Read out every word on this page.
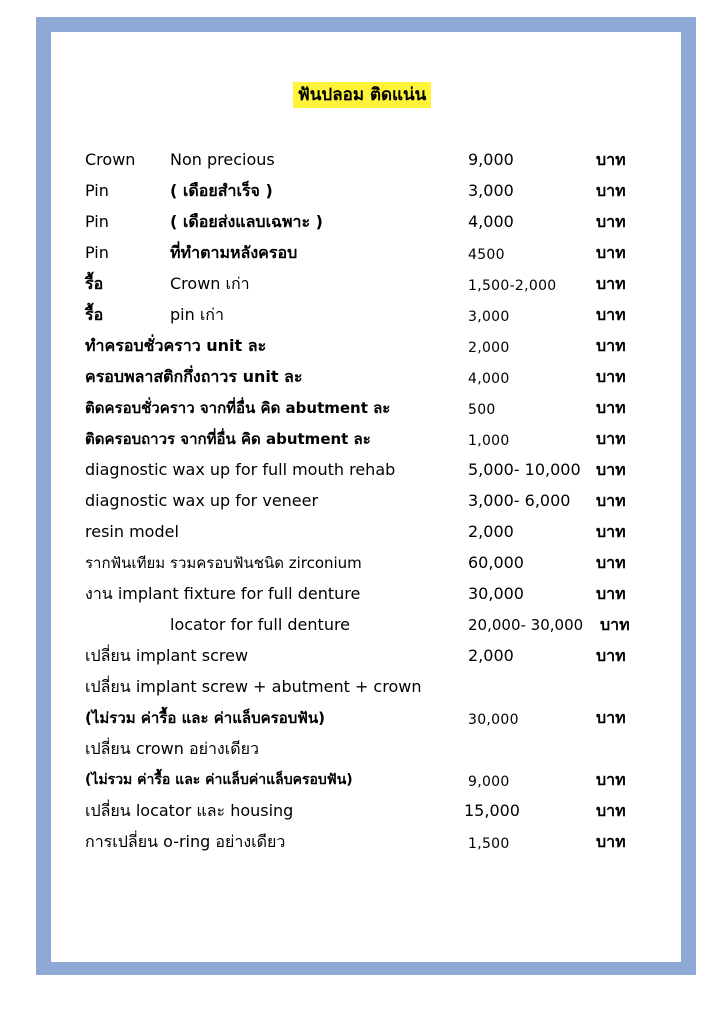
ฟันปลอม ติดแน่น
Crown Non precious	9,000	บาท
Pin	( เดือยสำเร็จ )	3,000	บาท
Pin	( เดือยส่งแลบเฉพาะ )	4,000	บาท
Pin	ที่ทำตามหลังครอบ	4500	บาท
รื้อ	Crown เก่า	1,500-2,000 บาท
รื้อ	pin เก่า	3,000	บาท
ทำครอบชั่วคราว unit ละ	2,000	บาท
ครอบพลาสติกกึ่งถาวร unit ละ	4,000	บาท
ติดครอบชั่วคราว จากที่อื่น คิด abutment ละ	500	บาท
ติดครอบถาวร จากที่อื่น คิด abutment ละ	1,000	บาท
diagnostic wax up for full mouth rehab	5,000- 10,000 บาท
diagnostic wax up for veneer	3,000- 6,000 บาท
resin model	2,000	บาท
รากฟันเทียม รวมครอบฟันชนิด zirconium	60,000	บาท
งาน implant fixture for full denture	30,000	บาท
locator for full denture	20,000- 30,000 บาท
เปลี่ยน implant screw	2,000	บาท
เปลี่ยน implant screw + abutment + crown
(ไม่รวม ค่ารื้อ และ ค่าแล็บครอบฟัน)	30,000	บาท
เปลี่ยน crown อย่างเดียว
(ไม่รวม ค่ารื้อ และ ค่าแล็บค่าแล็บครอบฟัน)	9,000	บาท
เปลี่ยน locator และ housing	15,000	บาท
การเปลี่ยน o-ring อย่างเดียว	1,500	บาท
